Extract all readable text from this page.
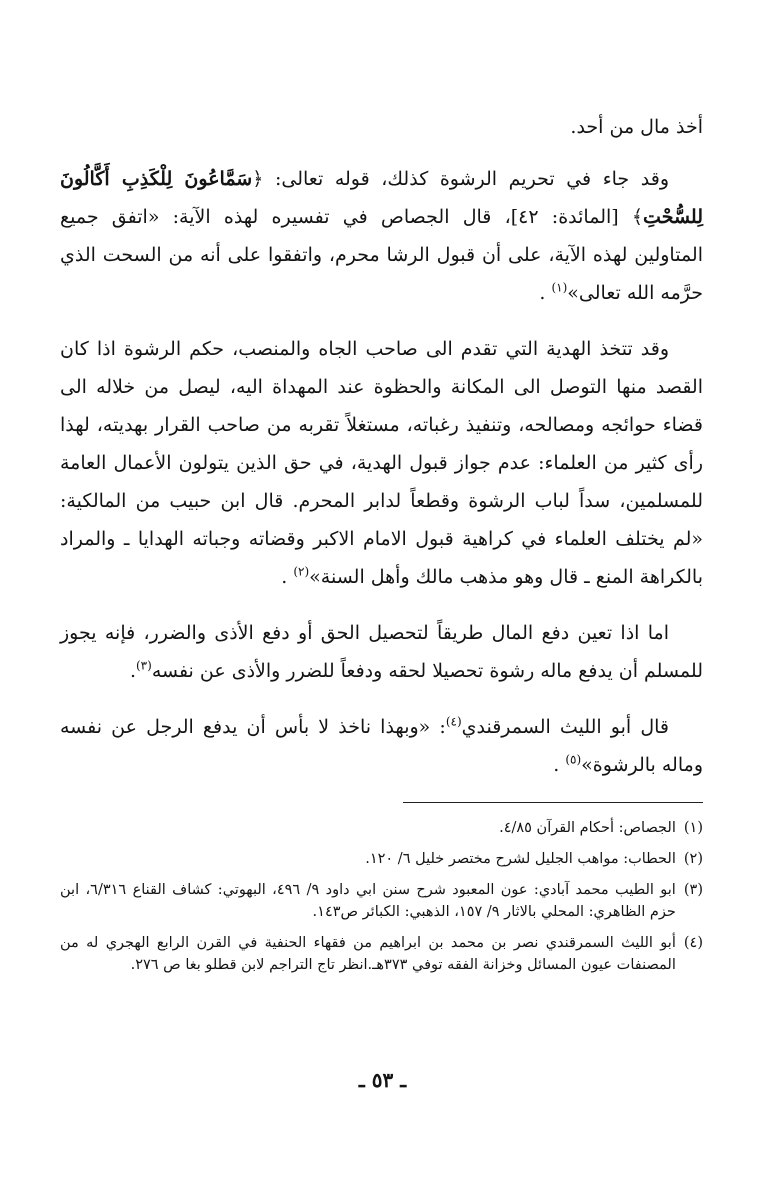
أخذ مال من أحد.

وقد جاء في تحريم الرشوة كذلك، قوله تعالى: ﴿سَمَّاعُونَ لِلْكَذِبِ أَكَّالُونَ لِلسُّحْتِ﴾ [المائدة: ٤٢]، قال الجصاص في تفسيره لهذه الآية: «اتفق جميع المتاولين لهذه الآية، على أن قبول الرشا محرم، واتفقوا على أنه من السحت الذي حرَّمه الله تعالى»$^{(١)}$ .

وقد تتخذ الهدية التي تقدم الى صاحب الجاه والمنصب، حكم الرشوة اذا كان القصد منها التوصل الى المكانة والحظوة عند المهداة اليه، ليصل من خلاله الى قضاء حوائجه ومصالحه، وتنفيذ رغباته، مستغلاً تقربه من صاحب القرار بهديته، لهذا رأى كثير من العلماء: عدم جواز قبول الهدية، في حق الذين يتولون الأعمال العامة للمسلمين، سداً لباب الرشوة وقطعاً لدابر المحرم. قال ابن حبيب من المالكية: «لم يختلف العلماء في كراهية قبول الامام الاكبر وقضاته وجباته الهدايا ـ والمراد بالكراهة المنع ـ قال وهو مذهب مالك وأهل السنة»$^{(٢)}$ .

اما اذا تعين دفع المال طريقاً لتحصيل الحق أو دفع الأذى والضرر، فإنه يجوز للمسلم أن يدفع ماله رشوة تحصيلا لحقه ودفعاً للضرر والأذى عن نفسه$^{(٣)}$.

قال أبو الليث السمرقندي$^{(٤)}$: «وبهذا ناخذ لا بأس أن يدفع الرجل عن نفسه وماله بالرشوة»$^{(٥)}$ .

(١)
الجصاص: أحكام القرآن ٤/٨٥.
(٢)
الحطاب: مواهب الجليل لشرح مختصر خليل ٦/ ١٢٠.
(٣)
ابو الطيب محمد آبادي: عون المعبود شرح سنن ابي داود ٩/ ٤٩٦، البهوتي: كشاف القناع ٦/٣١٦، ابن حزم الظاهري: المحلي بالاثار ٩/ ١٥٧، الذهبي: الكبائر ص١٤٣.
(٤)
أبو الليث السمرقندي نصر بن محمد بن ابراهيم من فقهاء الحنفية في القرن الرابع الهجري له من المصنفات عيون المسائل وخزانة الفقه توفي ٣٧٣هـ.انظر تاج التراجم لابن قطلو بغا ص ٢٧٦.
ـ ٥٣ ـ
